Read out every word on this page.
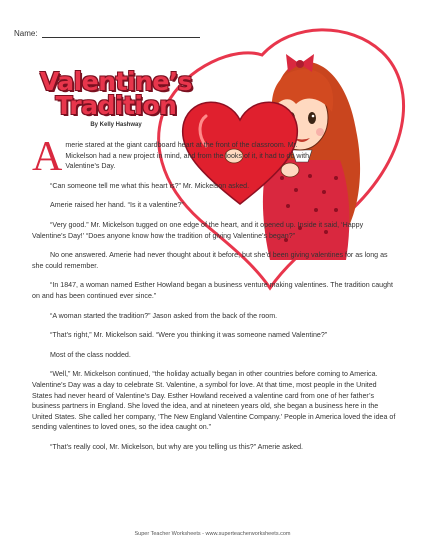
Name:
Valentine’s
Tradition
By Kelly Hashway

Amerie stared at the giant cardboard heart at the front of the classroom. Mr. Mickelson had a new project in mind, and from the looks of it, it had to do with Valentine’s Day.

“Can someone tell me what this heart is?” Mr. Mickelson asked.

Amerie raised her hand. “Is it a valentine?”

“Very good.” Mr. Mickelson tugged on one edge of the heart, and it opened up. Inside it said, ‘Happy Valentine’s Day!’ “Does anyone know how the tradition of giving Valentine’s began?”

No one answered. Amerie had never thought about it before, but she’d been giving valentines for as long as she could remember.

“In 1847, a woman named Esther Howland began a business venture making valentines. The tradition caught on and has been continued ever since.”

“A woman started the tradition?” Jason asked from the back of the room.

“That’s right,” Mr. Mickelson said. “Were you thinking it was someone named Valentine?”

Most of the class nodded.

“Well,” Mr. Mickelson continued, “the holiday actually began in other countries before coming to America. Valentine’s Day was a day to celebrate St. Valentine, a symbol for love. At that time, most people in the United States had never heard of Valentine’s Day. Esther Howland received a valentine card from one of her father’s business partners in England. She loved the idea, and at nineteen years old, she began a business here in the United States. She called her company, ‘The New England Valentine Company.’ People in America loved the idea of sending valentines to loved ones, so the idea caught on.”

“That’s really cool, Mr. Mickelson, but why are you telling us this?” Amerie asked.

Super Teacher Worksheets - www.superteacherworksheets.com
